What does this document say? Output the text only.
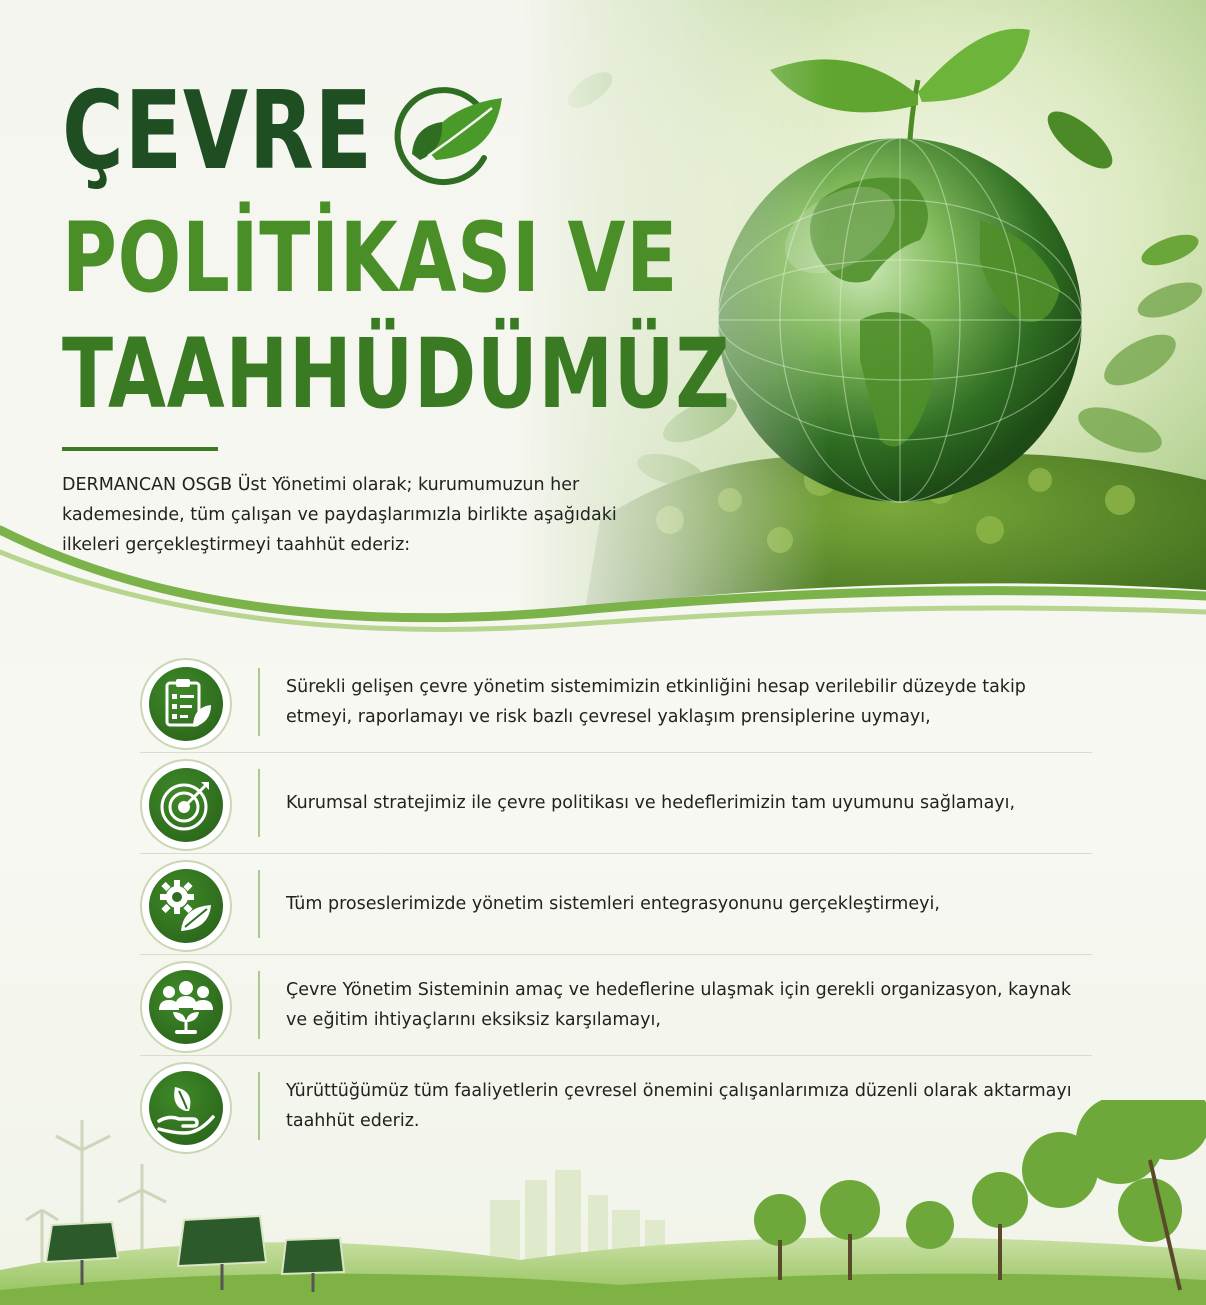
ÇEVRE
POLİTİKASI VE
TAAHHÜDÜMÜZ
DERMANCAN OSGB Üst Yönetimi olarak; kurumumuzun her kademesinde, tüm çalışan ve paydaşlarımızla birlikte aşağıdaki ilkeleri gerçekleştirmeyi taahhüt ederiz:
Sürekli gelişen çevre yönetim sistemimizin etkinliğini hesap verilebilir düzeyde takip etmeyi, raporlamayı ve risk bazlı çevresel yaklaşım prensiplerine uymayı,
Kurumsal stratejimiz ile çevre politikası ve hedeflerimizin tam uyumunu sağlamayı,
Tüm proseslerimizde yönetim sistemleri entegrasyonunu gerçekleştirmeyi,
Çevre Yönetim Sisteminin amaç ve hedeflerine ulaşmak için gerekli organizasyon, kaynak ve eğitim ihtiyaçlarını eksiksiz karşılamayı,
Yürüttüğümüz tüm faaliyetlerin çevresel önemini çalışanlarımıza düzenli olarak aktarmayı taahhüt ederiz.
